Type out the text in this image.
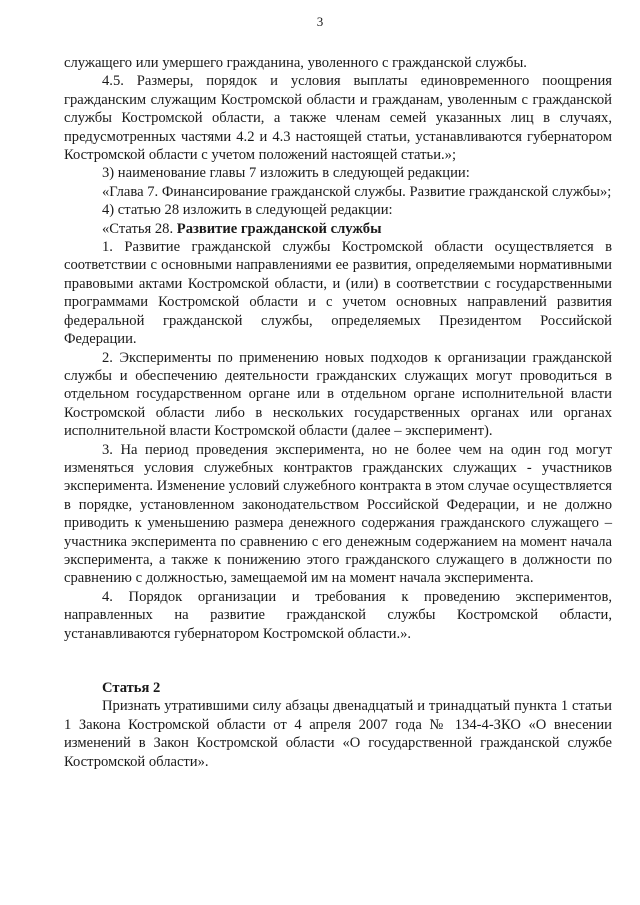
3

служащего или умершего гражданина, уволенного с гражданской службы.

4.5. Размеры, порядок и условия выплаты единовременного поощрения гражданским служащим Костромской области и гражданам, уволенным с гражданской службы Костромской области, а также членам семей указанных лиц в случаях, предусмотренных частями 4.2 и 4.3 настоящей статьи, устанавливаются губернатором Костромской области с учетом положений настоящей статьи.»;

3) наименование главы 7 изложить в следующей редакции:

«Глава 7. Финансирование гражданской службы. Развитие гражданской службы»;

4) статью 28 изложить в следующей редакции:

«Статья 28. Развитие гражданской службы

1. Развитие гражданской службы Костромской области осуществляется в соответствии с основными направлениями ее развития, определяемыми нормативными правовыми актами Костромской области, и (или) в соответствии с государственными программами Костромской области и с учетом основных направлений развития федеральной гражданской службы, определяемых Президентом Российской Федерации.

2. Эксперименты по применению новых подходов к организации гражданской службы и обеспечению деятельности гражданских служащих могут проводиться в отдельном государственном органе или в отдельном органе исполнительной власти Костромской области либо в нескольких государственных органах или органах исполнительной власти Костромской области (далее – эксперимент).

3. На период проведения эксперимента, но не более чем на один год могут изменяться условия служебных контрактов гражданских служащих - участников эксперимента. Изменение условий служебного контракта в этом случае осуществляется в порядке, установленном законодательством Российской Федерации, и не должно приводить к уменьшению размера денежного содержания гражданского служащего – участника эксперимента по сравнению с его денежным содержанием на момент начала эксперимента, а также к понижению этого гражданского служащего в должности по сравнению с должностью, замещаемой им на момент начала эксперимента.

4. Порядок организации и требования к проведению экспериментов, направленных на развитие гражданской службы Костромской области, устанавливаются губернатором Костромской области.».

Статья 2

Признать утратившими силу абзацы двенадцатый и тринадцатый пункта 1 статьи 1 Закона Костромской области от 4 апреля 2007 года № 134-4-ЗКО «О внесении изменений в Закон Костромской области «О государственной гражданской службе Костромской области».
